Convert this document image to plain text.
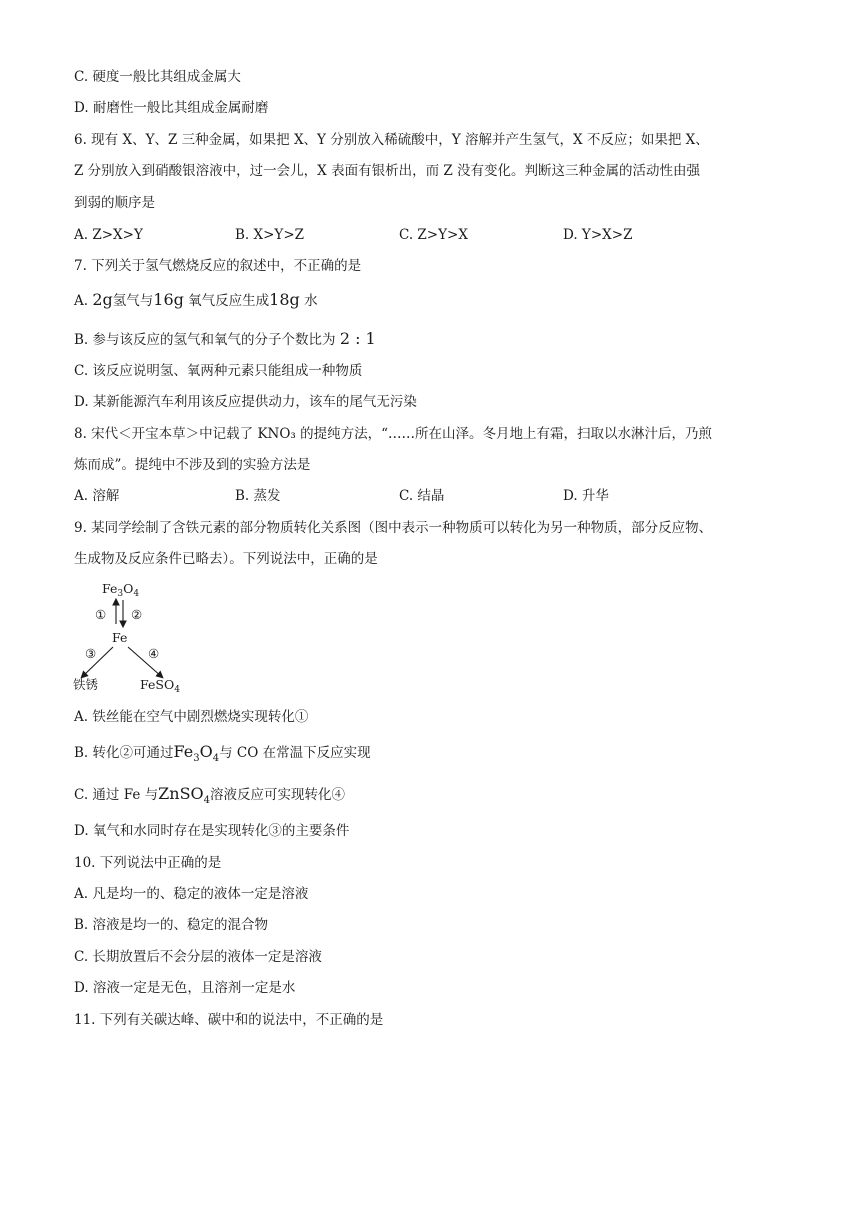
C. 硬度一般比其组成金属大
D. 耐磨性一般比其组成金属耐磨
6. 现有 X、Y、Z 三种金属，如果把 X、Y 分别放入稀硫酸中，Y 溶解并产生氢气，X 不反应；如果把 X、
Z 分别放入到硝酸银溶液中，过一会儿，X 表面有银析出，而 Z 没有变化。判断这三种金属的活动性由强
到弱的顺序是
A. Z>X>Y	B. X>Y>Z	C. Z>Y>X	D. Y>X>Z
7. 下列关于氢气燃烧反应的叙述中，不正确的是
A. 2g氢气与16g 氧气反应生成18g 水
B. 参与该反应的氢气和氧气的分子个数比为 2 : 1
C. 该反应说明氢、氧两种元素只能组成一种物质
D. 某新能源汽车利用该反应提供动力，该车的尾气无污染
8. 宋代＜开宝本草＞中记载了 KNO₃ 的提纯方法，“……所在山泽。冬月地上有霜，扫取以水淋汁后，乃煎
炼而成”。提纯中不涉及到的实验方法是
A. 溶解	B. 蒸发	C. 结晶	D. 升华
9. 某同学绘制了含铁元素的部分物质转化关系图（图中表示一种物质可以转化为另一种物质，部分反应物、
生成物及反应条件已略去）。下列说法中，正确的是
$Fe_3O_4$
① ②
Fe
③	④
铁锈	FeSO$_4$
A. 铁丝能在空气中剧烈燃烧实现转化①
B. 转化②可通过$Fe_3O_4$与 CO 在常温下反应实现
C. 通过 Fe 与ZnSO$_4$溶液反应可实现转化④
D. 氧气和水同时存在是实现转化③的主要条件
10. 下列说法中正确的是
A. 凡是均一的、稳定的液体一定是溶液
B. 溶液是均一的、稳定的混合物
C. 长期放置后不会分层的液体一定是溶液
D. 溶液一定是无色，且溶剂一定是水
11. 下列有关碳达峰、碳中和的说法中，不正确的是
